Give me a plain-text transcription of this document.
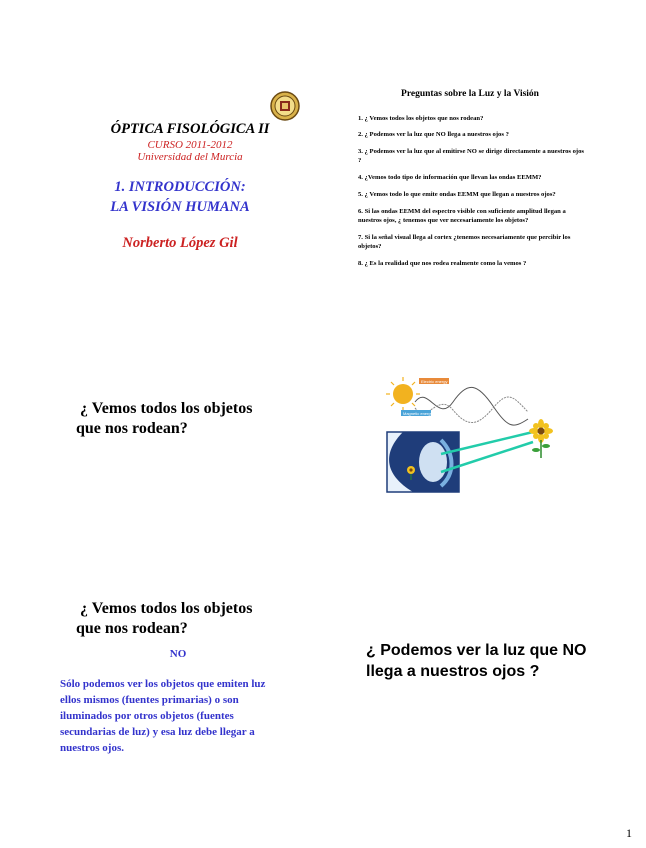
ÓPTICA FISOLÓGICA II
CURSO 2011-2012
Universidad del Murcia
1. INTRODUCCIÓN:
LA VISIÓN HUMANA
Norberto López Gil
Preguntas sobre la Luz y la Visión
1. ¿ Vemos todos los objetos que nos rodean?
2. ¿ Podemos ver la luz que NO llega a nuestros ojos ?
3. ¿ Podemos ver la luz que al emitirse NO se dirige directamente a nuestros ojos ?
4. ¿Vemos todo tipo de información que llevan las ondas EEMM?
5. ¿ Vemos todo lo que emite ondas EEMM que llegan a nuestros ojos?
6. Si las ondas EEMM del espectro visible con suficiente amplitud llegan a nuestros ojos, ¿ tenemos que ver necesariamente los objetos?
7. Si la señal visual llega al cortex ¿tenemos necesariamente que percibir los objetos?
8. ¿ Es la realidad que nos rodea realmente como la vemos ?
¿ Vemos todos los objetos
que nos rodean?
Electric energy
Magnetic energy
¿ Vemos todos los objetos
que nos rodean?
NO
Sólo podemos ver los objetos que emiten luz
ellos mismos (fuentes primarias) o son
iluminados por otros objetos (fuentes
secundarias de luz) y esa luz debe llegar a
nuestros ojos.
¿ Podemos ver la luz que NO
llega a nuestros ojos ?
1
